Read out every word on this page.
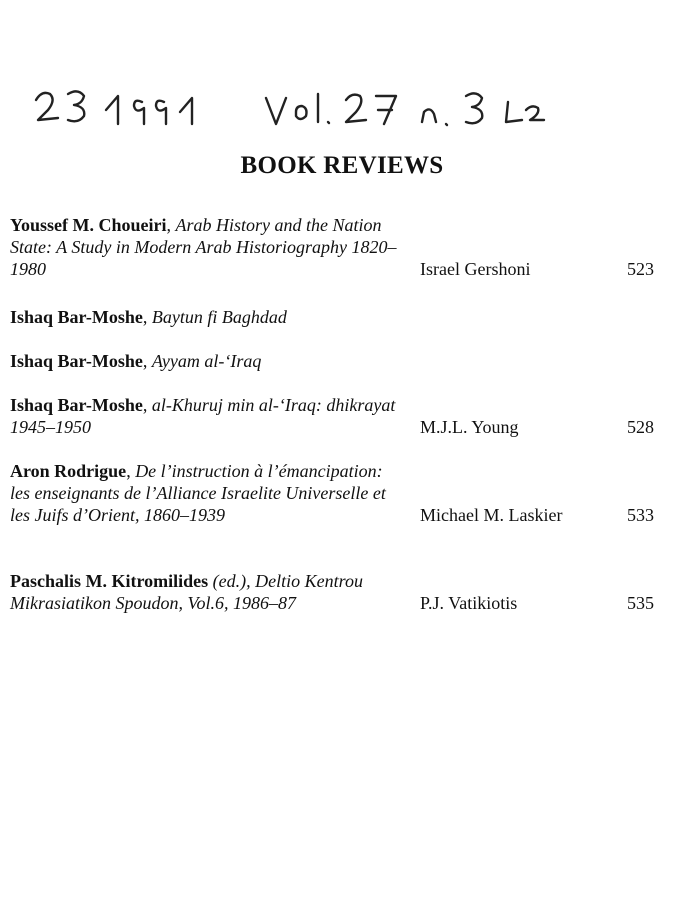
BOOK REVIEWS
Youssef M. Choueiri, Arab History and the Nation State: A Study in Modern Arab Historiography 1820–1980	Israel Gershoni	523
Ishaq Bar-Moshe, Baytun fi Baghdad
Ishaq Bar-Moshe, Ayyam al-‘Iraq
Ishaq Bar-Moshe, al-Khuruj min al-‘Iraq: dhikrayat 1945–1950	M.J.L. Young	528
Aron Rodrigue, De l’instruction à l’émancipation: les enseignants de l’Alliance Israelite Universelle et les Juifs d’Orient, 1860–1939	Michael M. Laskier	533
Paschalis M. Kitromilides (ed.), Deltio Kentrou Mikrasiatikon Spoudon, Vol.6, 1986–87	P.J. Vatikiotis	535
